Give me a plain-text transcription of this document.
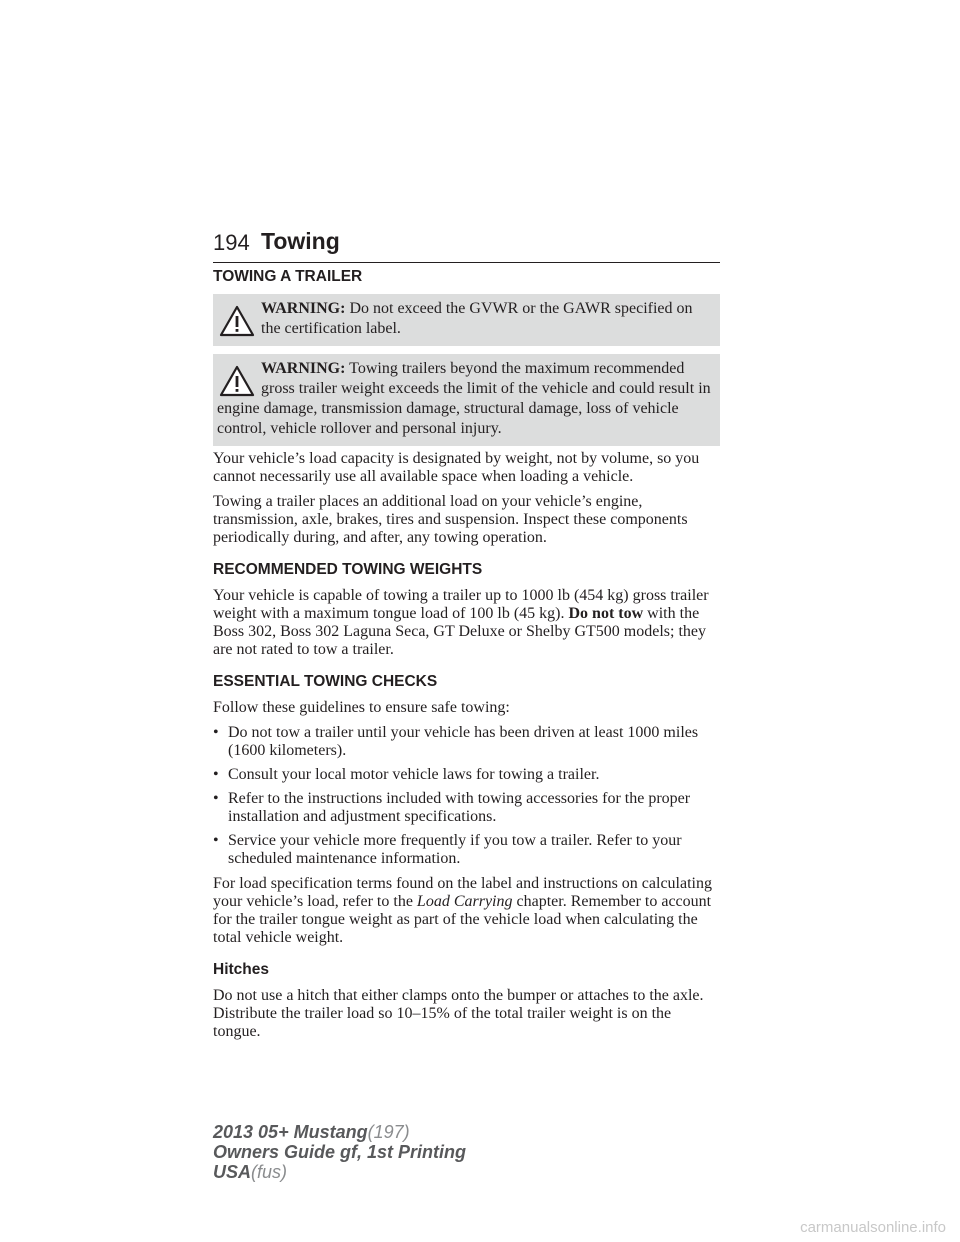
194 Towing
TOWING A TRAILER

WARNING: Do not exceed the GVWR or the GAWR specified on the certification label.

WARNING: Towing trailers beyond the maximum recommended gross trailer weight exceeds the limit of the vehicle and could result in engine damage, transmission damage, structural damage, loss of vehicle control, vehicle rollover and personal injury.

Your vehicle’s load capacity is designated by weight, not by volume, so you cannot necessarily use all available space when loading a vehicle.

Towing a trailer places an additional load on your vehicle’s engine, transmission, axle, brakes, tires and suspension. Inspect these components periodically during, and after, any towing operation.

RECOMMENDED TOWING WEIGHTS

Your vehicle is capable of towing a trailer up to 1000 lb (454 kg) gross trailer weight with a maximum tongue load of 100 lb (45 kg). Do not tow with the Boss 302, Boss 302 Laguna Seca, GT Deluxe or Shelby GT500 models; they are not rated to tow a trailer.

ESSENTIAL TOWING CHECKS

Follow these guidelines to ensure safe towing:

• Do not tow a trailer until your vehicle has been driven at least 1000 miles (1600 kilometers).
• Consult your local motor vehicle laws for towing a trailer.
• Refer to the instructions included with towing accessories for the proper installation and adjustment specifications.
• Service your vehicle more frequently if you tow a trailer. Refer to your scheduled maintenance information.

For load specification terms found on the label and instructions on calculating your vehicle’s load, refer to the Load Carrying chapter. Remember to account for the trailer tongue weight as part of the vehicle load when calculating the total vehicle weight.

Hitches

Do not use a hitch that either clamps onto the bumper or attaches to the axle. Distribute the trailer load so 10–15% of the total trailer weight is on the tongue.

2013 05+ Mustang(197)
Owners Guide gf, 1st Printing
USA(fus)
carmanualsonline.info
